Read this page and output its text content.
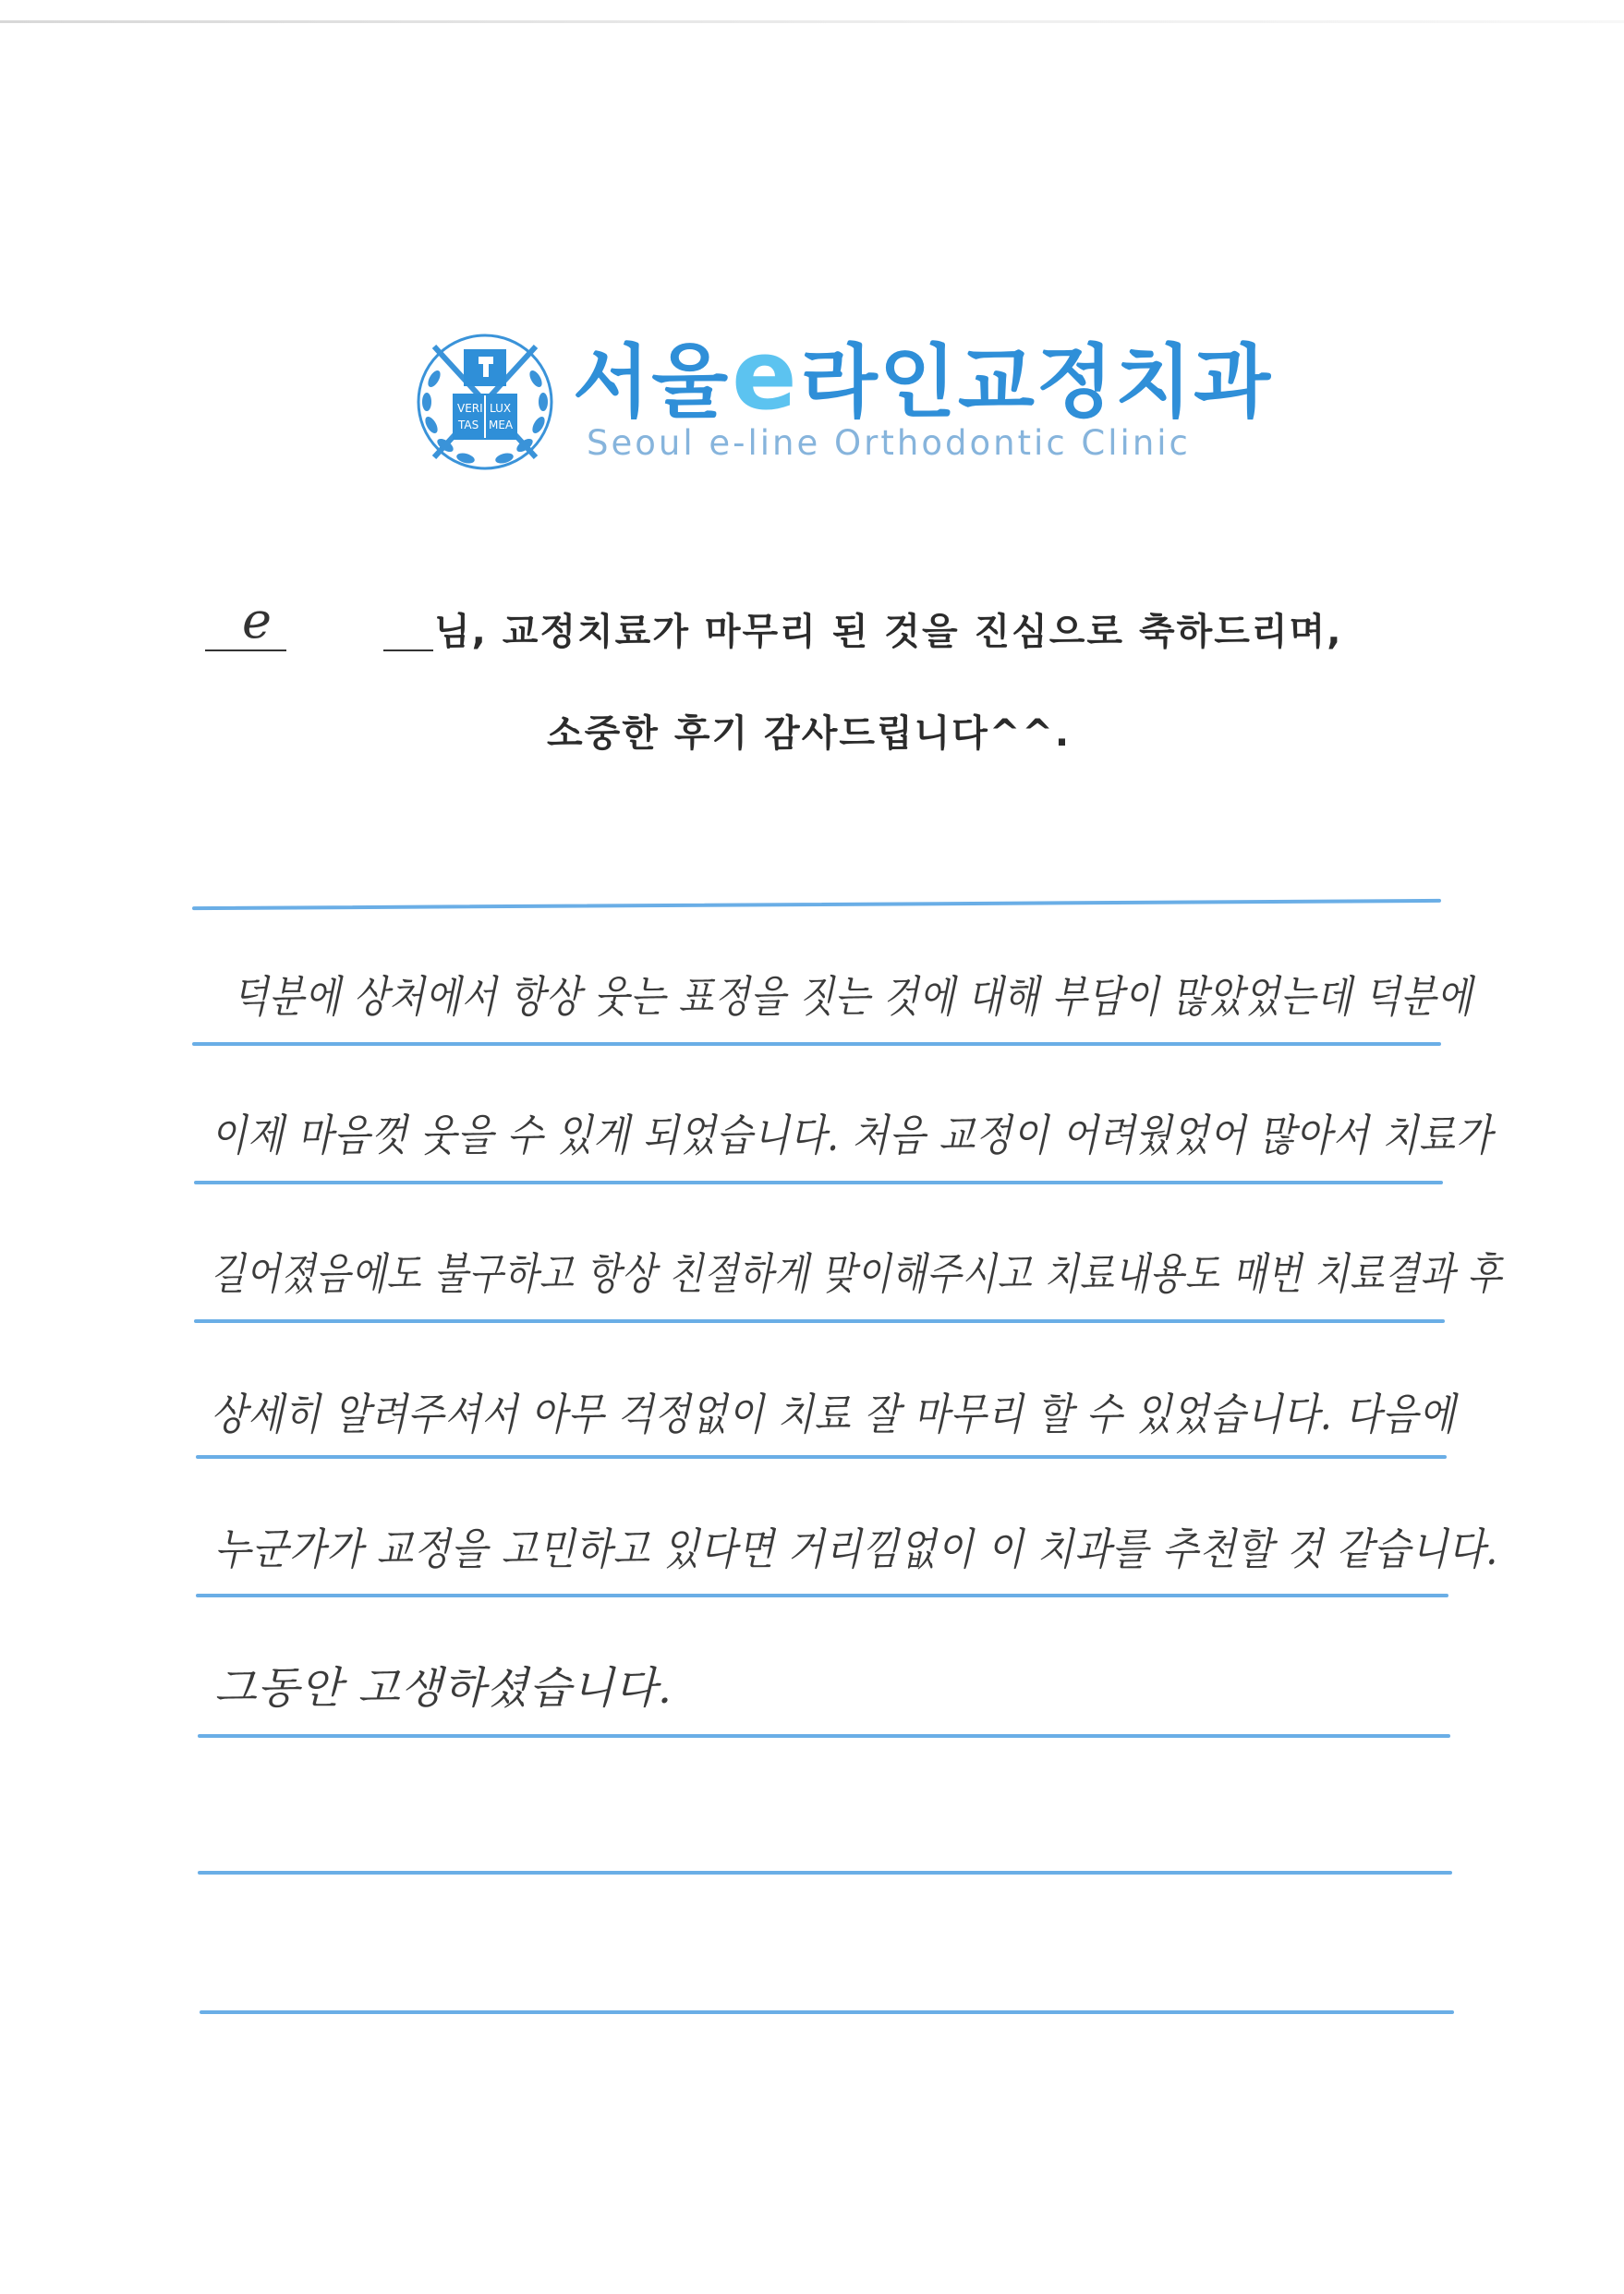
VERI LUX
TAS MEA 서울 e 라인교정치과
Seoul e-line Orthodontic Clinic
e	님, 교정치료가 마무리 된 것을 진심으로 축하드리며,
소중한 후기 감사드립니다^^.
덕분에 상처에서 항상 웃는 표정을 짓는 것에 대해 부담이 많았었는데 덕분에
이제 마음껏 웃을 수 있게 되었습니다. 처음 교정이 어려웠었어 많아서 치료가
길어졌음에도 불구하고 항상 친절하게 맞이해주시고 치료내용도 매번 치료결과 후
상세히 알려주셔서 아무 걱정없이 치료 잘 마무리 할 수 있었습니다. 다음에
누군가가 교정을 고민하고 있다면 거리낌없이 이 치과를 추천할 것 같습니다.
그동안 고생하셨습니다.
